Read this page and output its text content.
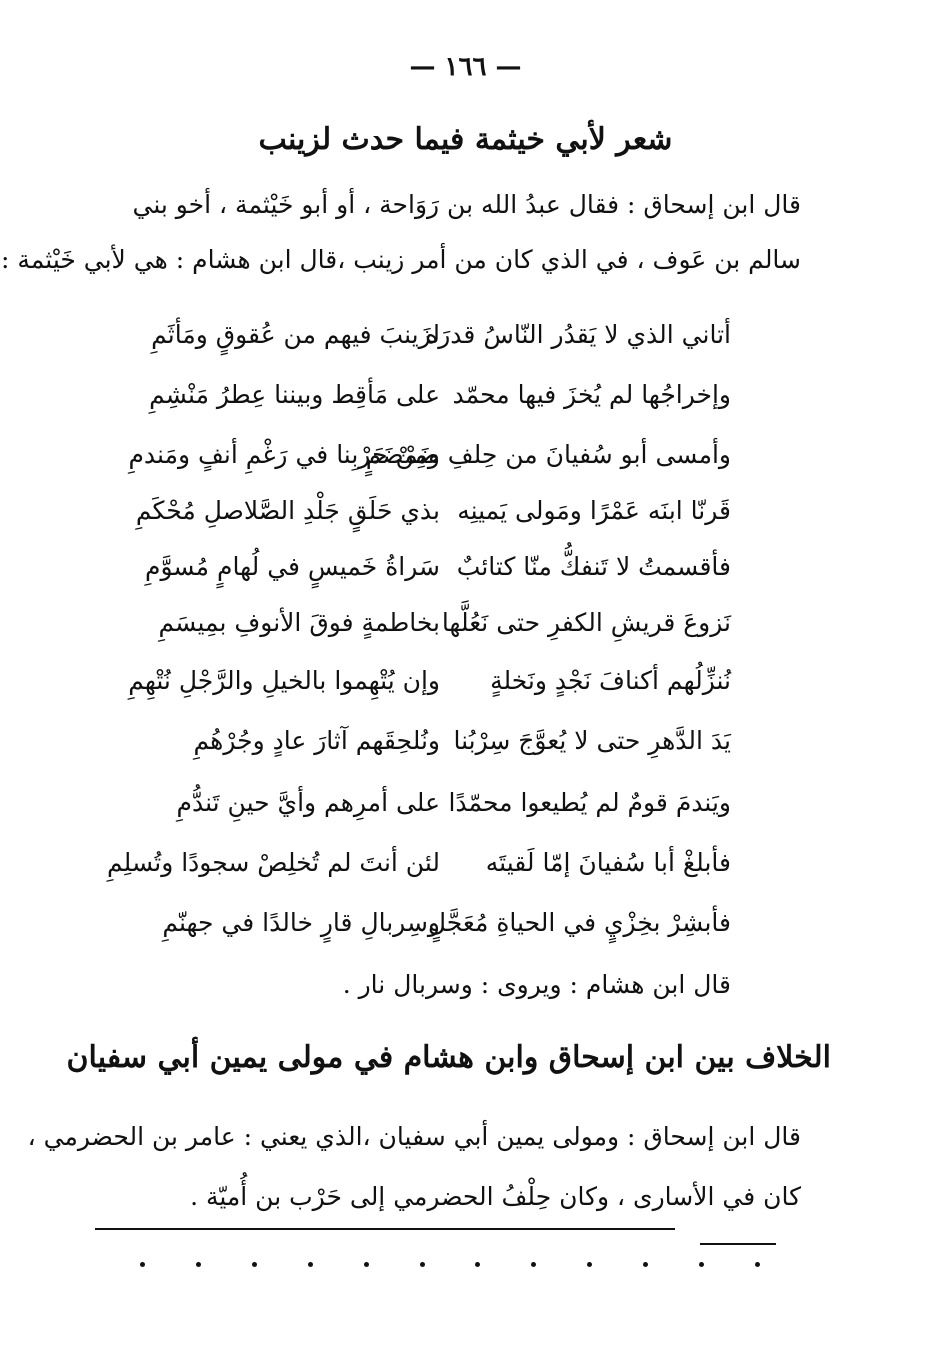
— ١٦٦ —
شعر لأبي خيثمة فيما حدث لزينب
قال ابن إسحاق : فقال عبدُ الله بن رَوَاحة ، أو أبو خَيْثمة ، أخو بني
سالم بن عَوف ، في الذي كان من أمر زينب ،قال ابن هشام : هي لأبي خَيْثمة :
أتاني الذي لا يَقدُر النّاسُ قدرَه
لزَينبَ فيهم من عُقوقٍ ومَأثَمِ
وإخراجُها لم يُخزَ فيها محمّد
على مَأقِط وبيننا عِطرُ مَنْشِمِ
وأمسى أبو سُفيانَ من حِلفِ ضَمْضَمٍ
ومِنْ حَرْبِنا في رَغْمِ أنفٍ ومَندمِ
قَرنّا ابنَه عَمْرًا ومَولى يَمينِه
بذي حَلَقٍ جَلْدِ الصَّلاصلِ مُحْكَمِ
فأقسمتُ لا تَنفكُّ منّا كتائبٌ
سَراةُ خَميسٍ في لُهامٍ مُسوَّمِ
نَزوعَ قريشِ الكفرِ حتى نَعُلَّها
بخاطمةٍ فوقَ الأنوفِ بمِيسَمِ
نُنزِّلُهم أكنافَ نَجْدٍ ونَخلةٍ
وإن يُتْهِموا بالخيلِ والرَّجْلِ نُتْهِمِ
يَدَ الدَّهرِ حتى لا يُعوَّجَ سِرْبُنا
ونُلحِقَهم آثارَ عادٍ وجُرْهُمِ
ويَندمَ قومٌ لم يُطيعوا محمّدًا
على أمرِهم وأيَّ حينِ تَندُّمِ
فأبلغْ أبا سُفيانَ إمّا لَقيتَه
لئن أنتَ لم تُخلِصْ سجودًا وتُسلِمِ
فأبشِرْ بخِزْيٍ في الحياةِ مُعَجَّلٍ
وسِربالِ قارٍ خالدًا في جهنّمِ
قال ابن هشام : ويروى : وسربال نار .
الخلاف بين ابن إسحاق وابن هشام في مولى يمين أبي سفيان
قال ابن إسحاق : ومولى يمين أبي سفيان ،الذي يعني : عامر بن الحضرمي ،
كان في الأسارى ، وكان حِلْفُ الحضرمي إلى حَرْب بن أُميّة .
